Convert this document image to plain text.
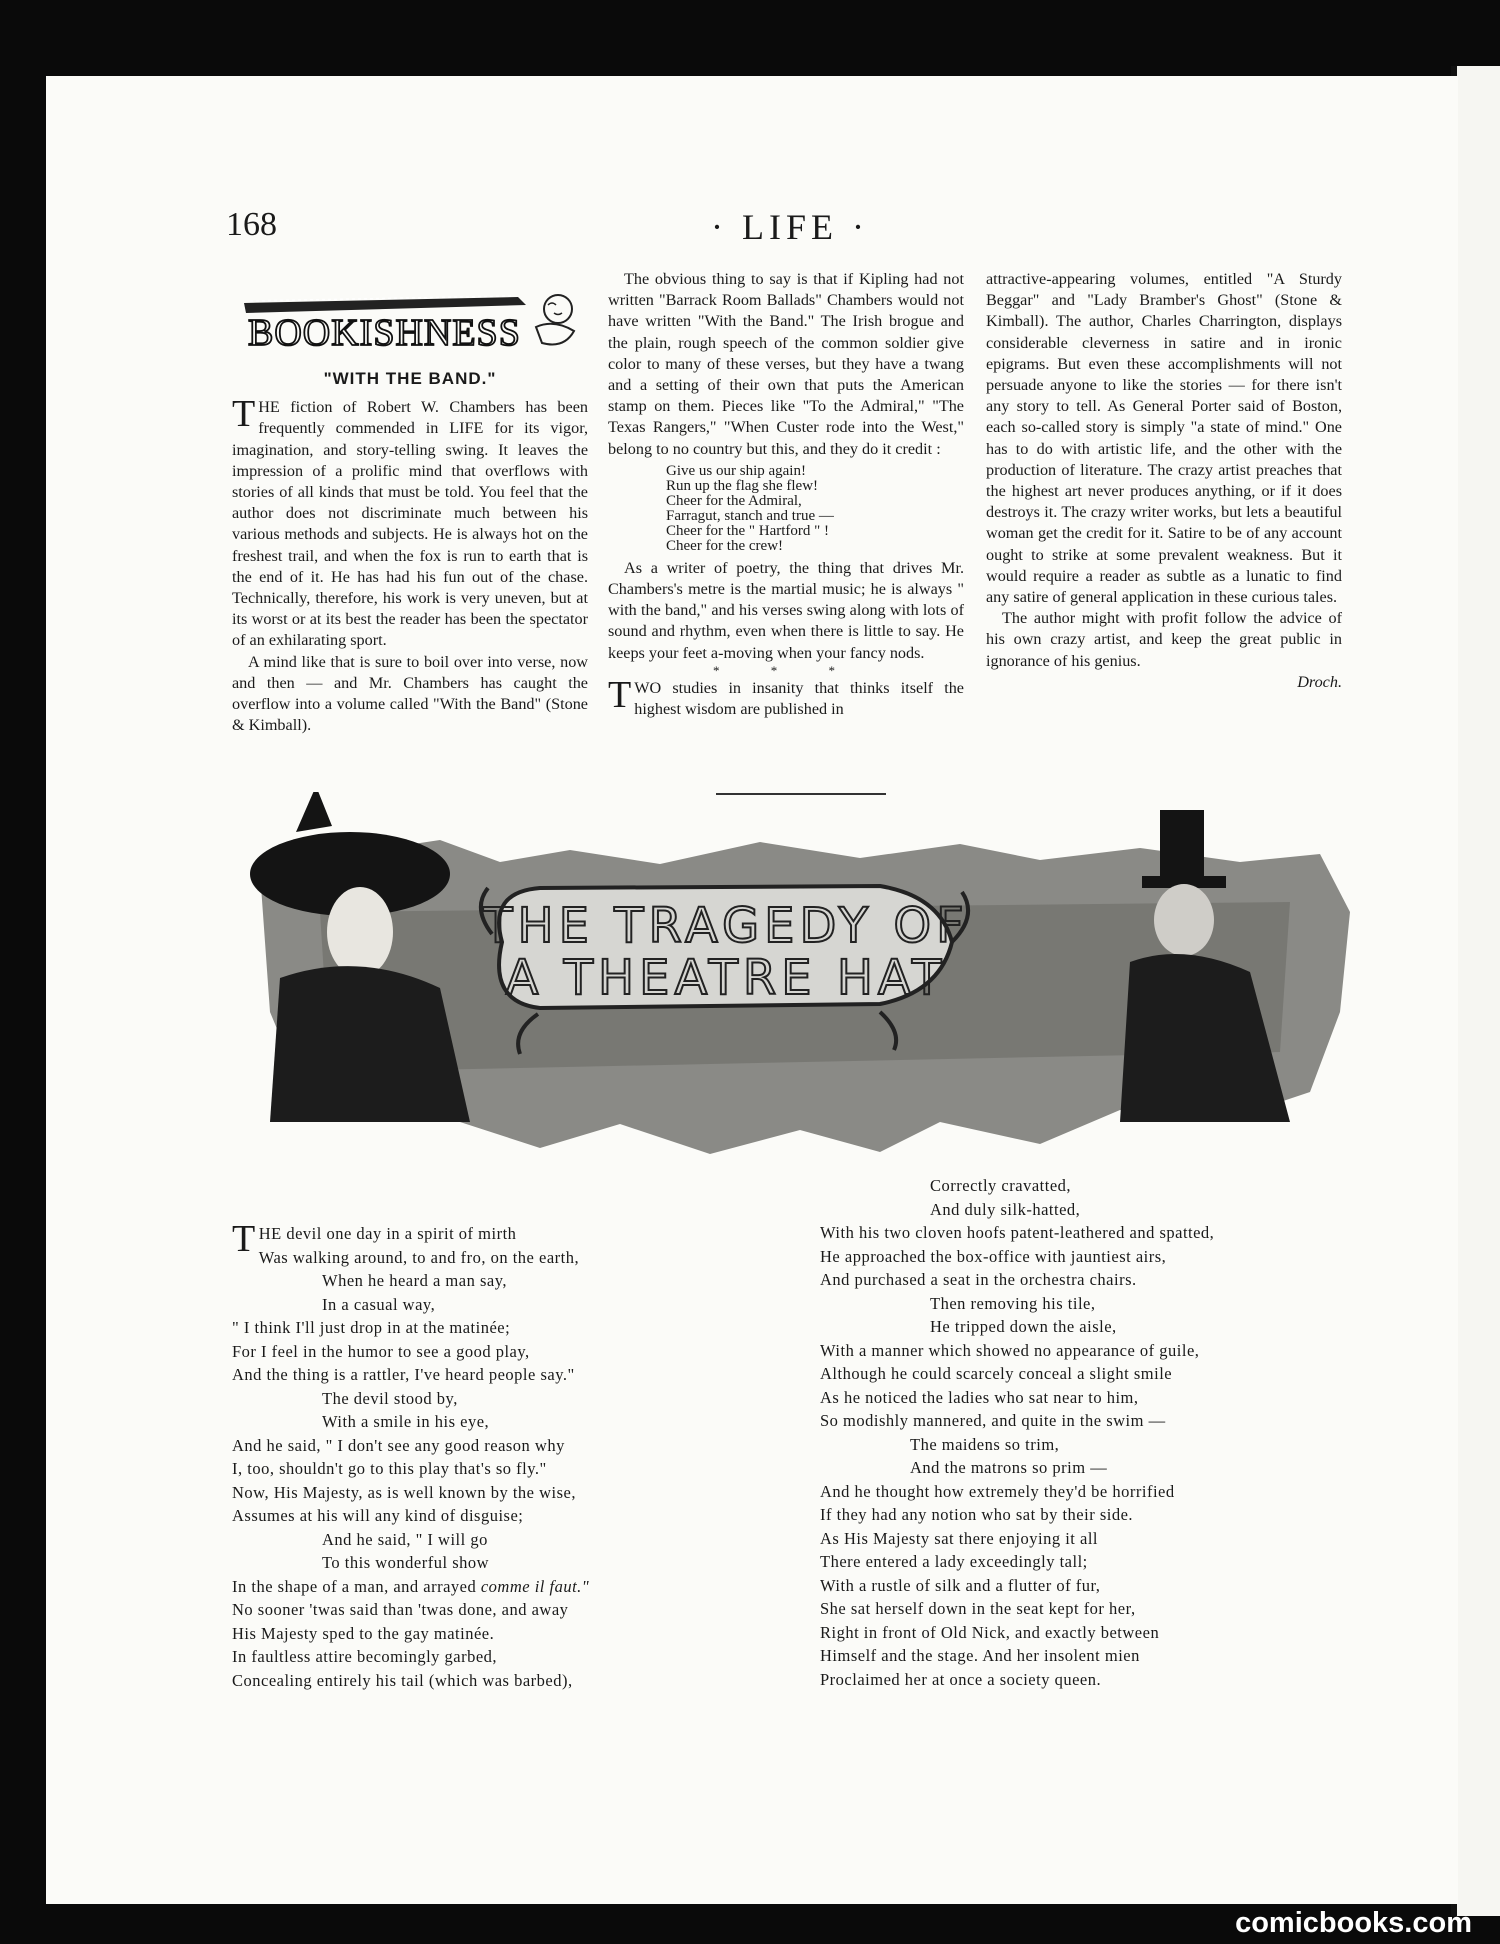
168	· LIFE ·
BOOKISHNESS
"WITH THE BAND."

THE fiction of Robert W. Chambers has been frequently commended in LIFE for its vigor, imagination, and story-telling swing. It leaves the impression of a prolific mind that overflows with stories of all kinds that must be told. You feel that the author does not discriminate much between his various methods and subjects. He is always hot on the freshest trail, and when the fox is run to earth that is the end of it. He has had his fun out of the chase. Technically, therefore, his work is very uneven, but at its worst or at its best the reader has been the spectator of an exhilarating sport.

A mind like that is sure to boil over into verse, now and then — and Mr. Chambers has caught the overflow into a volume called "With the Band" (Stone & Kimball).

The obvious thing to say is that if Kipling had not written "Barrack Room Ballads" Chambers would not have written "With the Band." The Irish brogue and the plain, rough speech of the common soldier give color to many of these verses, but they have a twang and a setting of their own that puts the American stamp on them. Pieces like "To the Admiral," "The Texas Rangers," "When Custer rode into the West," belong to no country but this, and they do it credit :

Give us our ship again!
Run up the flag she flew!
Cheer for the Admiral,
Farragut, stanch and true —
Cheer for the " Hartford " !
Cheer for the crew!

As a writer of poetry, the thing that drives Mr. Chambers's metre is the martial music; he is always " with the band," and his verses swing along with lots of sound and rhythm, even when there is little to say. He keeps your feet a-moving when your fancy nods.

* * *

TWO studies in insanity that thinks itself the highest wisdom are published in

attractive-appearing volumes, entitled "A Sturdy Beggar" and "Lady Bramber's Ghost" (Stone & Kimball). The author, Charles Charrington, displays considerable cleverness in satire and in ironic epigrams. But even these accomplishments will not persuade anyone to like the stories — for there isn't any story to tell. As General Porter said of Boston, each so-called story is simply "a state of mind." One has to do with artistic life, and the other with the production of literature. The crazy artist preaches that the highest art never produces anything, or if it does destroys it. The crazy writer works, but lets a beautiful woman get the credit for it. Satire to be of any account ought to strike at some prevalent weakness. But it would require a reader as subtle as a lunatic to find any satire of general application in these curious tales.

The author might with profit follow the advice of his own crazy artist, and keep the great public in ignorance of his genius.

Droch.
THE TRAGEDY OF
A THEATRE HAT
THE devil one day in a spirit of mirth
Was walking around, to and fro, on the earth,
When he heard a man say,
In a casual way,
" I think I'll just drop in at the matinée;
For I feel in the humor to see a good play,
And the thing is a rattler, I've heard people say."
The devil stood by,
With a smile in his eye,
And he said, " I don't see any good reason why
I, too, shouldn't go to this play that's so fly."
Now, His Majesty, as is well known by the wise,
Assumes at his will any kind of disguise;
And he said, " I will go
To this wonderful show
In the shape of a man, and arrayed comme il faut."
No sooner 'twas said than 'twas done, and away
His Majesty sped to the gay matinée.
In faultless attire becomingly garbed,
Concealing entirely his tail (which was barbed),
Correctly cravatted,
And duly silk-hatted,
With his two cloven hoofs patent-leathered and spatted,
He approached the box-office with jauntiest airs,
And purchased a seat in the orchestra chairs.
Then removing his tile,
He tripped down the aisle,
With a manner which showed no appearance of guile,
Although he could scarcely conceal a slight smile
As he noticed the ladies who sat near to him,
So modishly mannered, and quite in the swim —
The maidens so trim,
And the matrons so prim —
And he thought how extremely they'd be horrified
If they had any notion who sat by their side.
As His Majesty sat there enjoying it all
There entered a lady exceedingly tall;
With a rustle of silk and a flutter of fur,
She sat herself down in the seat kept for her,
Right in front of Old Nick, and exactly between
Himself and the stage. And her insolent mien
Proclaimed her at once a society queen.
comicbooks.com
